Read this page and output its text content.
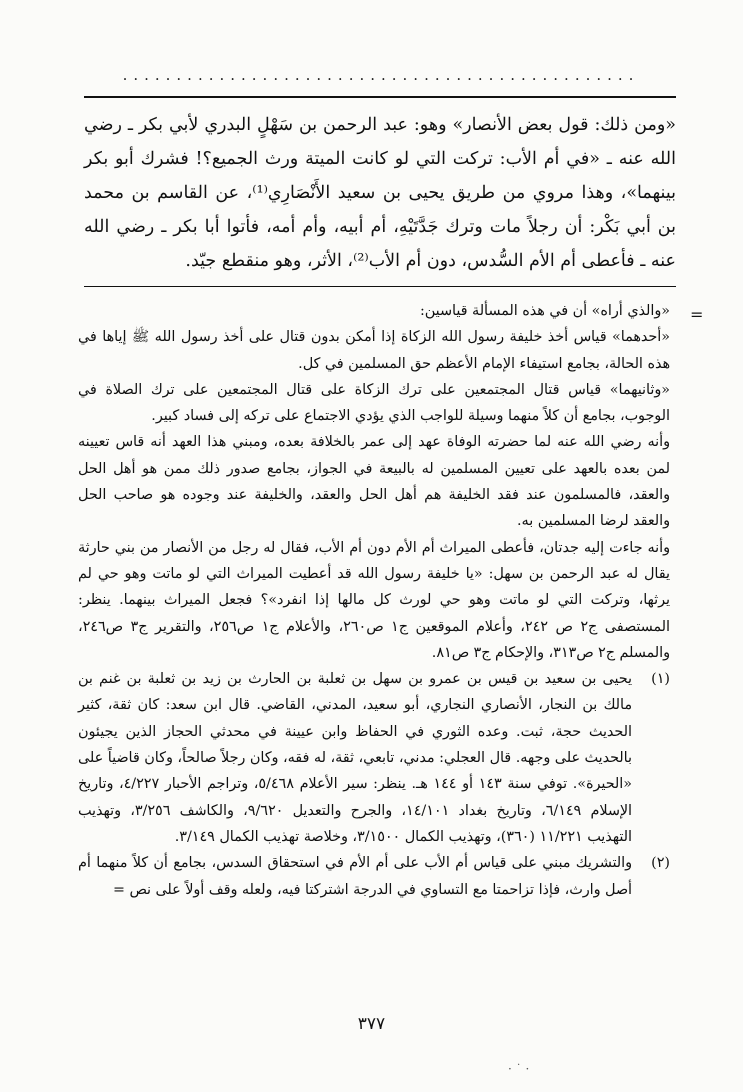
................................................

«ومن ذلك: قول بعض الأنصار» وهو: عبد الرحمن بن سَهْلٍ البدري لأبي بكر ـ رضي الله عنه ـ «في أم الأب: تركت التي لو كانت الميتة ورث الجميع؟! فشرك أبو بكر بينهما»، وهذا مروي من طريق يحيى بن سعيد الأَنْصَارِي⁽¹⁾، عن القاسم بن محمد بن أبي بَكْر: أن رجلاً مات وترك جَدَّتَيْهِ، أم أبيه، وأم أمه، فأتوا أبا بكر ـ رضي الله عنه ـ فأعطى أم الأم السُّدس، دون أم الأب⁽²⁾، الأثر، وهو منقطع جيّد.

=

«والذي أراه» أن في هذه المسألة قياسين:

«أحدهما» قياس أخذ خليفة رسول الله الزكاة إذا أمكن بدون قتال على أخذ رسول الله ﷺ إياها في هذه الحالة، بجامع استيفاء الإمام الأعظم حق المسلمين في كل.

«وثانيهما» قياس قتال المجتمعين على ترك الزكاة على قتال المجتمعين على ترك الصلاة في الوجوب، بجامع أن كلاً منهما وسيلة للواجب الذي يؤدي الاجتماع على تركه إلى فساد كبير.

وأنه رضي الله عنه لما حضرته الوفاة عهد إلى عمر بالخلافة بعده، ومبني هذا العهد أنه قاس تعيينه لمن بعده بالعهد على تعيين المسلمين له بالبيعة في الجواز، بجامع صدور ذلك ممن هو أهل الحل والعقد، فالمسلمون عند فقد الخليفة هم أهل الحل والعقد، والخليفة عند وجوده هو صاحب الحل والعقد لرضا المسلمين به.

وأنه جاءت إليه جدتان، فأعطى الميراث أم الأم دون أم الأب، فقال له رجل من الأنصار من بني حارثة يقال له عبد الرحمن بن سهل: «يا خليفة رسول الله قد أعطيت الميراث التي لو ماتت وهو حي لم يرثها، وتركت التي لو ماتت وهو حي لورث كل مالها إذا انفرد»؟ فجعل الميراث بينهما. ينظر: المستصفى ج٢ ص ٢٤٢، وأعلام الموقعين ج١ ص٢٦٠، والأعلام ج١ ص٢٥٦، والتقرير ج٣ ص٢٤٦، والمسلم ج٢ ص٣١٣، والإحكام ج٣ ص٨١.

(١)

يحيى بن سعيد بن قيس بن عمرو بن سهل بن ثعلبة بن الحارث بن زيد بن ثعلبة بن غنم بن مالك بن النجار، الأنصاري النجاري، أبو سعيد، المدني، القاضي. قال ابن سعد: كان ثقة، كثير الحديث حجة، ثبت. وعده الثوري في الحفاظ وابن عيينة في محدثي الحجاز الذين يجيئون بالحديث على وجهه. قال العجلي: مدني، تابعي، ثقة، له فقه، وكان رجلاً صالحاً، وكان قاضياً على «الحيرة». توفي سنة ١٤٣ أو ١٤٤ هـ. ينظر: سير الأعلام ٥/٤٦٨، وتراجم الأحبار ٤/٢٢٧، وتاريخ الإسلام ٦/١٤٩، وتاريخ بغداد ١٤/١٠١، والجرح والتعديل ٩/٦٢٠، والكاشف ٣/٢٥٦، وتهذيب التهذيب ١١/٢٢١ (٣٦٠)، وتهذيب الكمال ٣/١٥٠٠، وخلاصة تهذيب الكمال ٣/١٤٩.

(٢)

والتشريك مبني على قياس أم الأب على أم الأم في استحقاق السدس، بجامع أن كلاً منهما أم أصل وارث، فإذا تزاحمتا مع التساوي في الدرجة اشتركتا فيه، ولعله وقف أولاً على نص =

٣٧٧
· ˙ ·
